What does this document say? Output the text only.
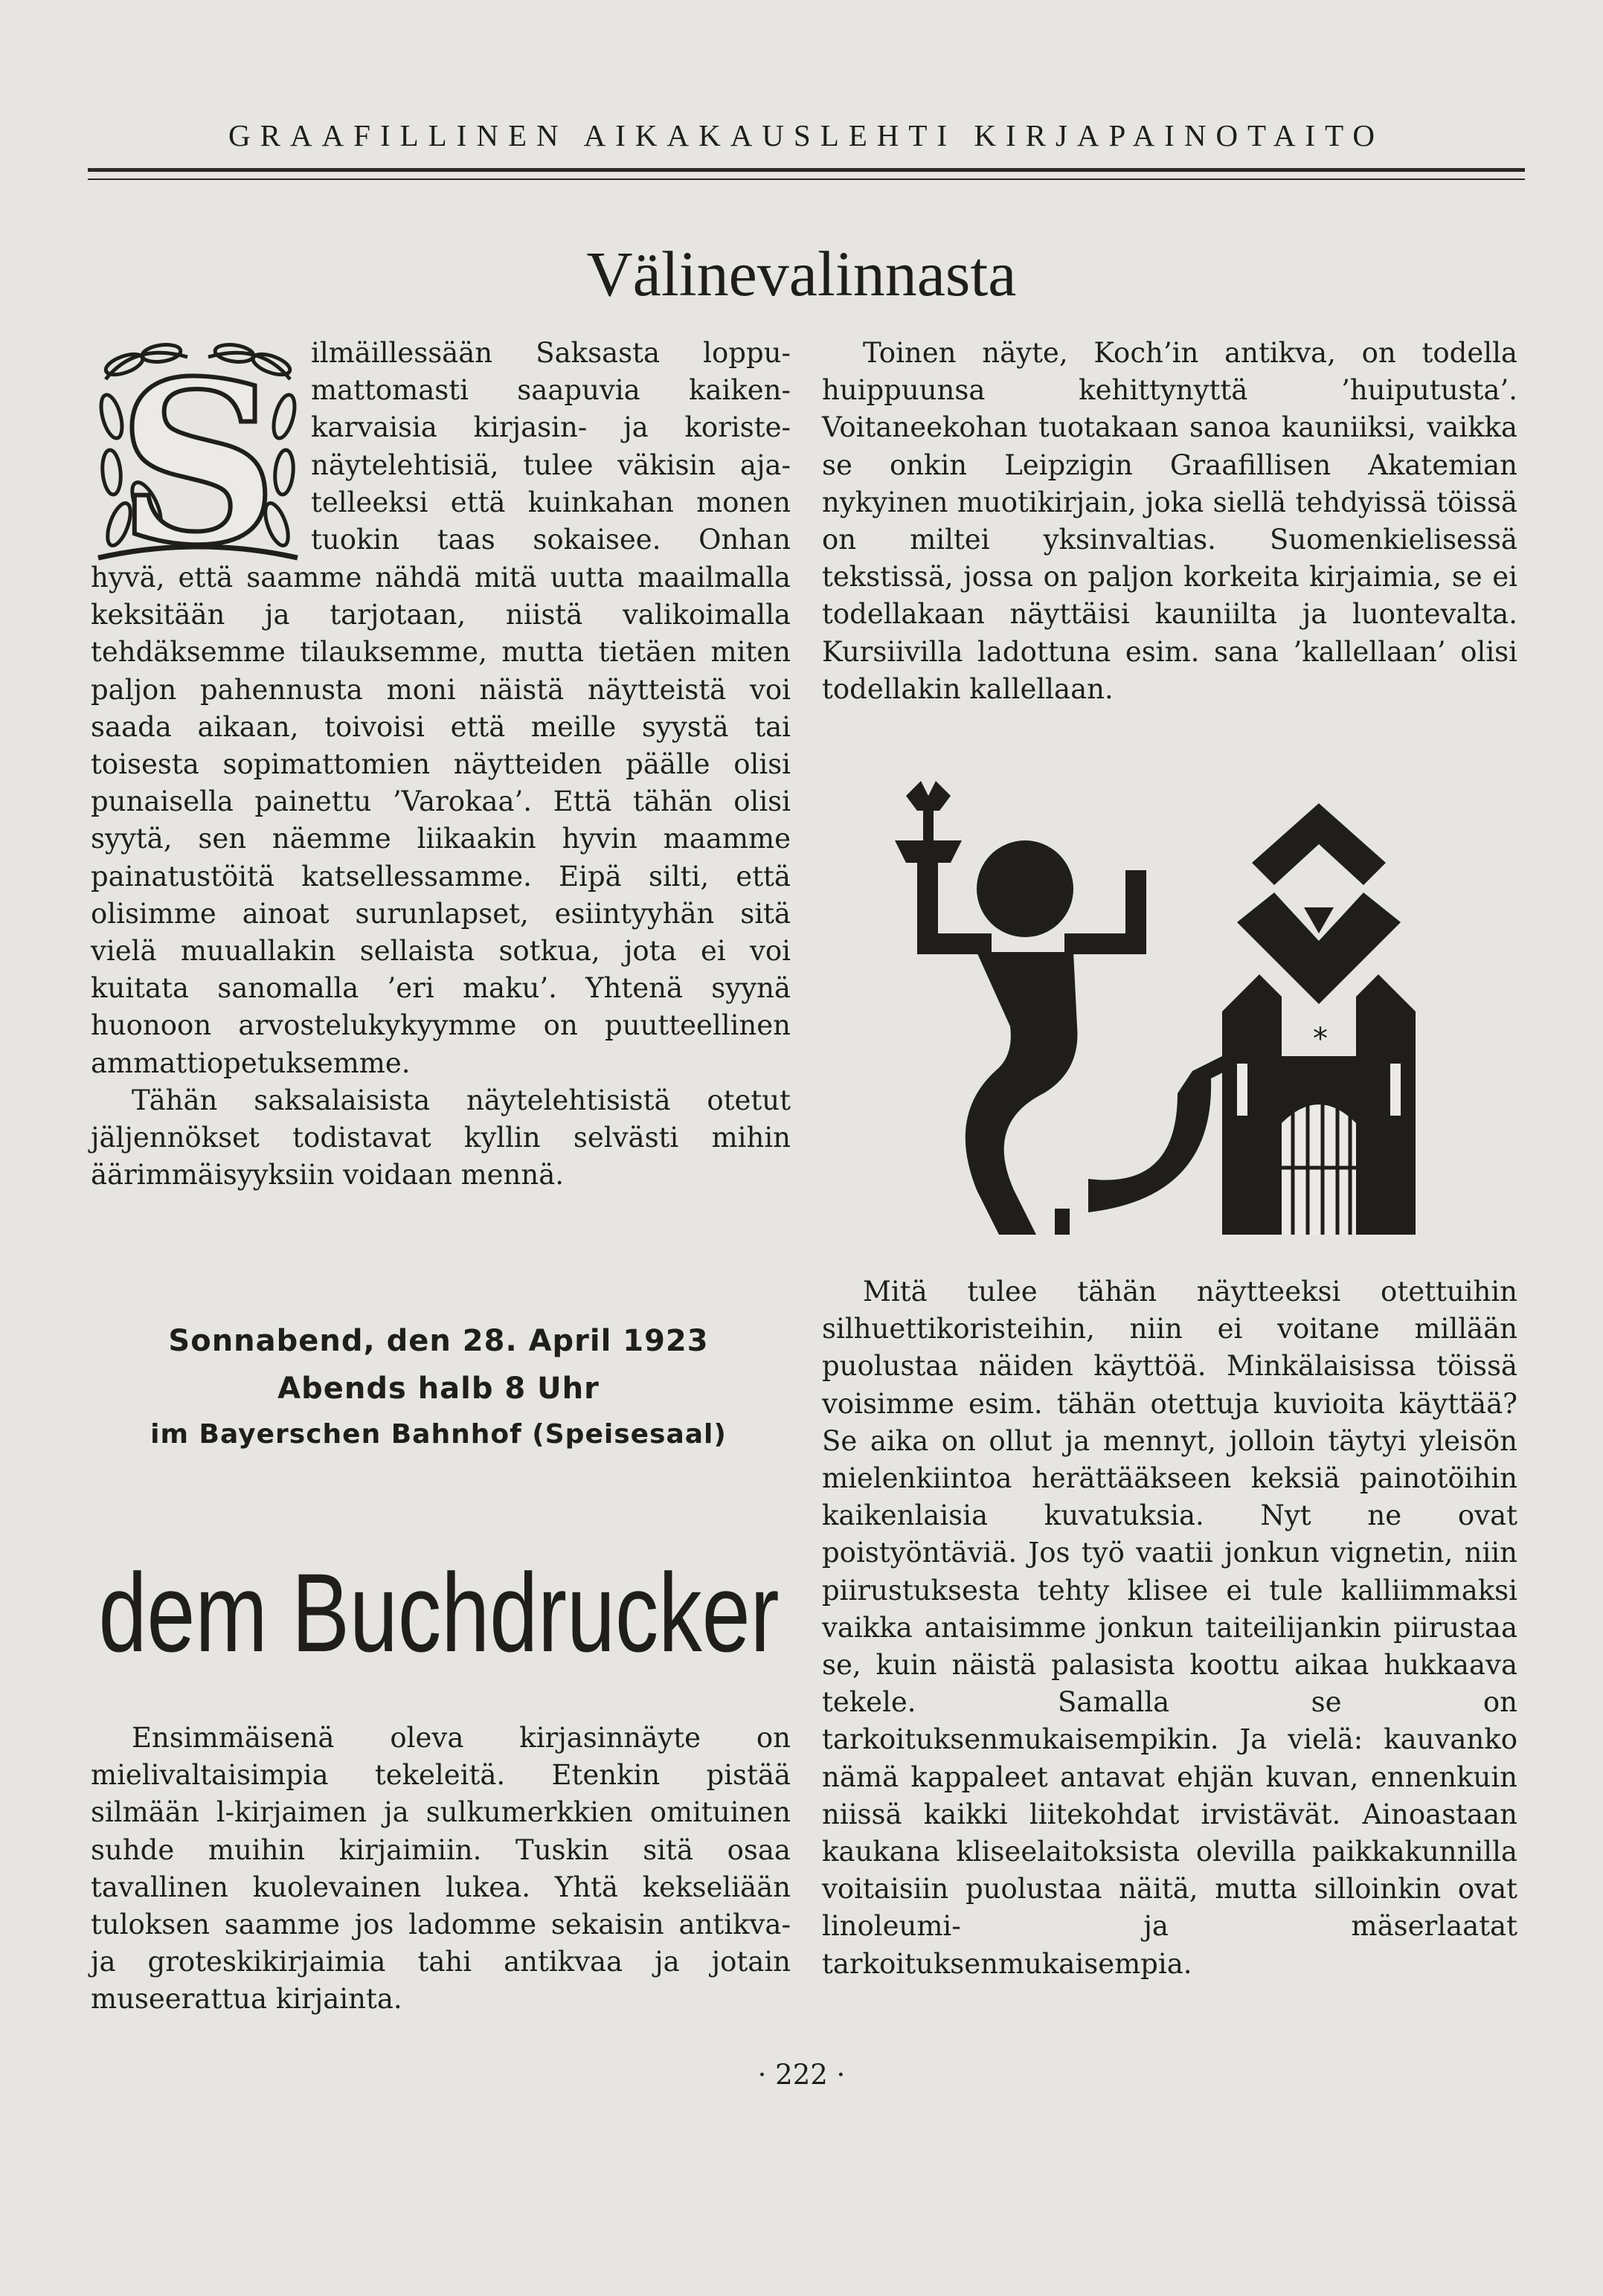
GRAAFILLINEN AIKAKAUSLEHTI KIRJAPAINOTAITO
Välinevalinnasta
S ilmäillessään Saksasta loppu-

mattomasti saapuvia kaiken-

karvaisia kirjasin- ja koriste-

näytelehtisiä, tulee väkisin aja-

telleeksi että kuinkahan monen

tuokin taas sokaisee. Onhan

hyvä, että saamme nähdä mitä uutta maailmalla keksitään ja tarjotaan, niistä valikoimalla tehdäksemme tilauksemme, mutta tietäen miten paljon pahennusta moni näistä näytteistä voi saada aikaan, toivoisi että meille syystä tai toisesta sopimattomien näytteiden päälle olisi punaisella painettu ’Varokaa’. Että tähän olisi syytä, sen näemme liikaakin hyvin maamme painatustöitä katsellessamme. Eipä silti, että olisimme ainoat surunlapset, esiintyyhän sitä vielä muuallakin sellaista sotkua, jota ei voi kuitata sanomalla ’eri maku’. Yhtenä syynä huonoon arvostelukykyymme on puutteellinen ammattiopetuksemme.

Tähän saksalaisista näytelehtisistä otetut jäljennökset todistavat kyllin selvästi mihin äärimmäisyyksiin voidaan mennä.

Sonnabend, den 28. April 1923
Abends halb 8 Uhr
im Bayerschen Bahnhof (Speisesaal)
dem Buchdrucker

Ensimmäisenä oleva kirjasinnäyte on mielivaltaisimpia tekeleitä. Etenkin pistää silmään l-kirjaimen ja sulkumerkkien omituinen suhde muihin kirjaimiin. Tuskin sitä osaa tavallinen kuolevainen lukea. Yhtä kekseliään tuloksen saamme jos ladomme sekaisin antikva- ja groteskikirjaimia tahi antikvaa ja jotain museerattua kirjainta.

Toinen näyte, Koch’in antikva, on todella huippuunsa kehittynyttä ’huiputusta’. Voitaneekohan tuotakaan sanoa kauniiksi, vaikka se onkin Leipzigin Graafillisen Akatemian nykyinen muotikirjain, joka siellä tehdyissä töissä on miltei yksinvaltias. Suomenkielisessä tekstissä, jossa on paljon korkeita kirjaimia, se ei todellakaan näyttäisi kauniilta ja luontevalta. Kursiivilla ladottuna esim. sana ’kallellaan’ olisi todellakin kallellaan.

*

Mitä tulee tähän näytteeksi otettuihin silhuettikoristeihin, niin ei voitane millään puolustaa näiden käyttöä. Minkälaisissa töissä voisimme esim. tähän otettuja kuvioita käyttää? Se aika on ollut ja mennyt, jolloin täytyi yleisön mielenkiintoa herättääkseen keksiä painotöihin kaikenlaisia kuvatuksia. Nyt ne ovat poistyöntäviä. Jos työ vaatii jonkun vignetin, niin piirustuksesta tehty klisee ei tule kalliimmaksi vaikka antaisimme jonkun taiteilijankin piirustaa se, kuin näistä palasista koottu aikaa hukkaava tekele. Samalla se on tarkoituksenmukaisempikin. Ja vielä: kauvanko nämä kappaleet antavat ehjän kuvan, ennenkuin niissä kaikki liitekohdat irvistävät. Ainoastaan kaukana kliseelaitoksista olevilla paikkakunnilla voitaisiin puolustaa näitä, mutta silloinkin ovat linoleumi- ja mäserlaatat tarkoituksenmukaisempia.

· 222 ·
